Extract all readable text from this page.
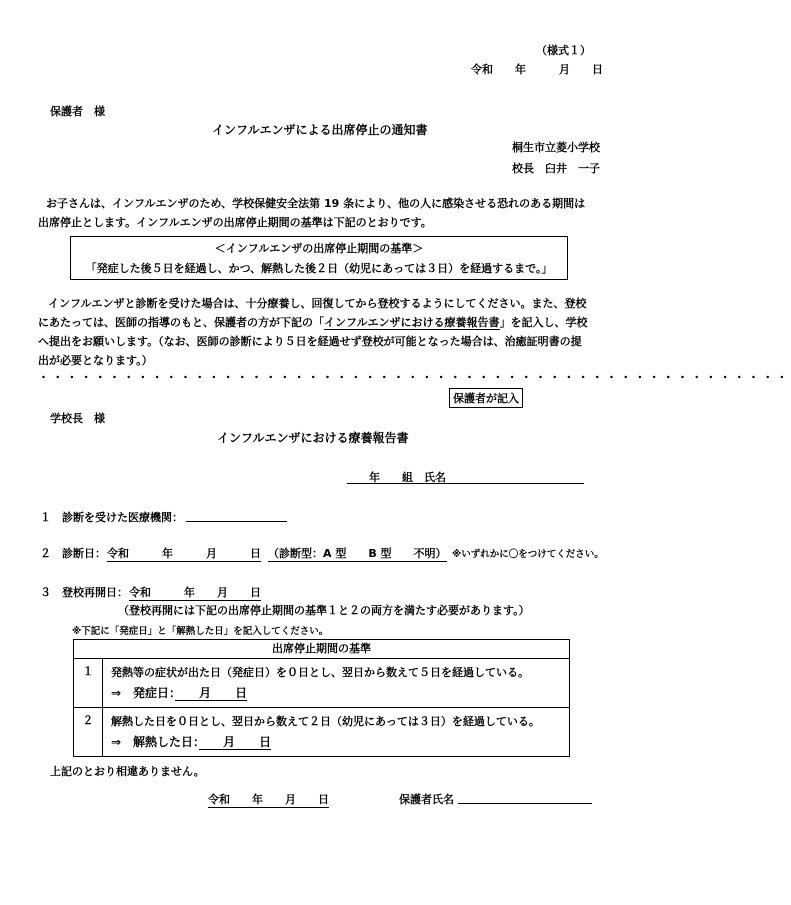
（様式１）
令和　　年　　　月　　日
保護者　様
インフルエンザによる出席停止の通知書
桐生市立菱小学校
校長　臼井　一子
お子さんは、インフルエンザのため、学校保健安全法第 19 条により、他の人に感染させる恐れのある期間は
出席停止とします。インフルエンザの出席停止期間の基準は下記のとおりです。
＜インフルエンザの出席停止期間の基準＞
「発症した後５日を経過し、かつ、解熱した後２日（幼児にあっては３日）を経過するまで。」
インフルエンザと診断を受けた場合は、十分療養し、回復してから登校するようにしてください。また、登校
にあたっては、医師の指導のもと、保護者の方が下記の「インフルエンザにおける療養報告書」を記入し、学校
へ提出をお願いします。（なお、医師の診断により５日を経過せず登校が可能となった場合は、治癒証明書の提
出が必要となります。）
・・・・・・・・・・・・・・・・・・・・・・・・・・・・・・・・・・・・・・・・・・・・・・・・・・・・・
保護者が記入
学校長　様
インフルエンザにおける療養報告書
　　年　　組　氏名
１　診断を受けた医療機関：
２　診断日： 令和　　　年　　　月　　　日 （診断型：A 型　　B 型　　不明） ※いずれかに〇をつけてください。
３　登校再開日： 令和　　　年　　月　　日
（登校再開には下記の出席停止期間の基準１と２の両方を満たす必要があります。）
※下記に「発症日」と「解熱した日」を記入してください。
出席停止期間の基準	
１	発熱等の症状が出た日（発症日）を０日とし、翌日から数えて５日を経過している。
⇒　発症日：　　月　　日

２	解熱した日を０日とし、翌日から数えて２日（幼児にあっては３日）を経過している。
⇒　解熱した日：　　月　　日
上記のとおり相違ありません。
令和　　年　　月　　日	保護者氏名
